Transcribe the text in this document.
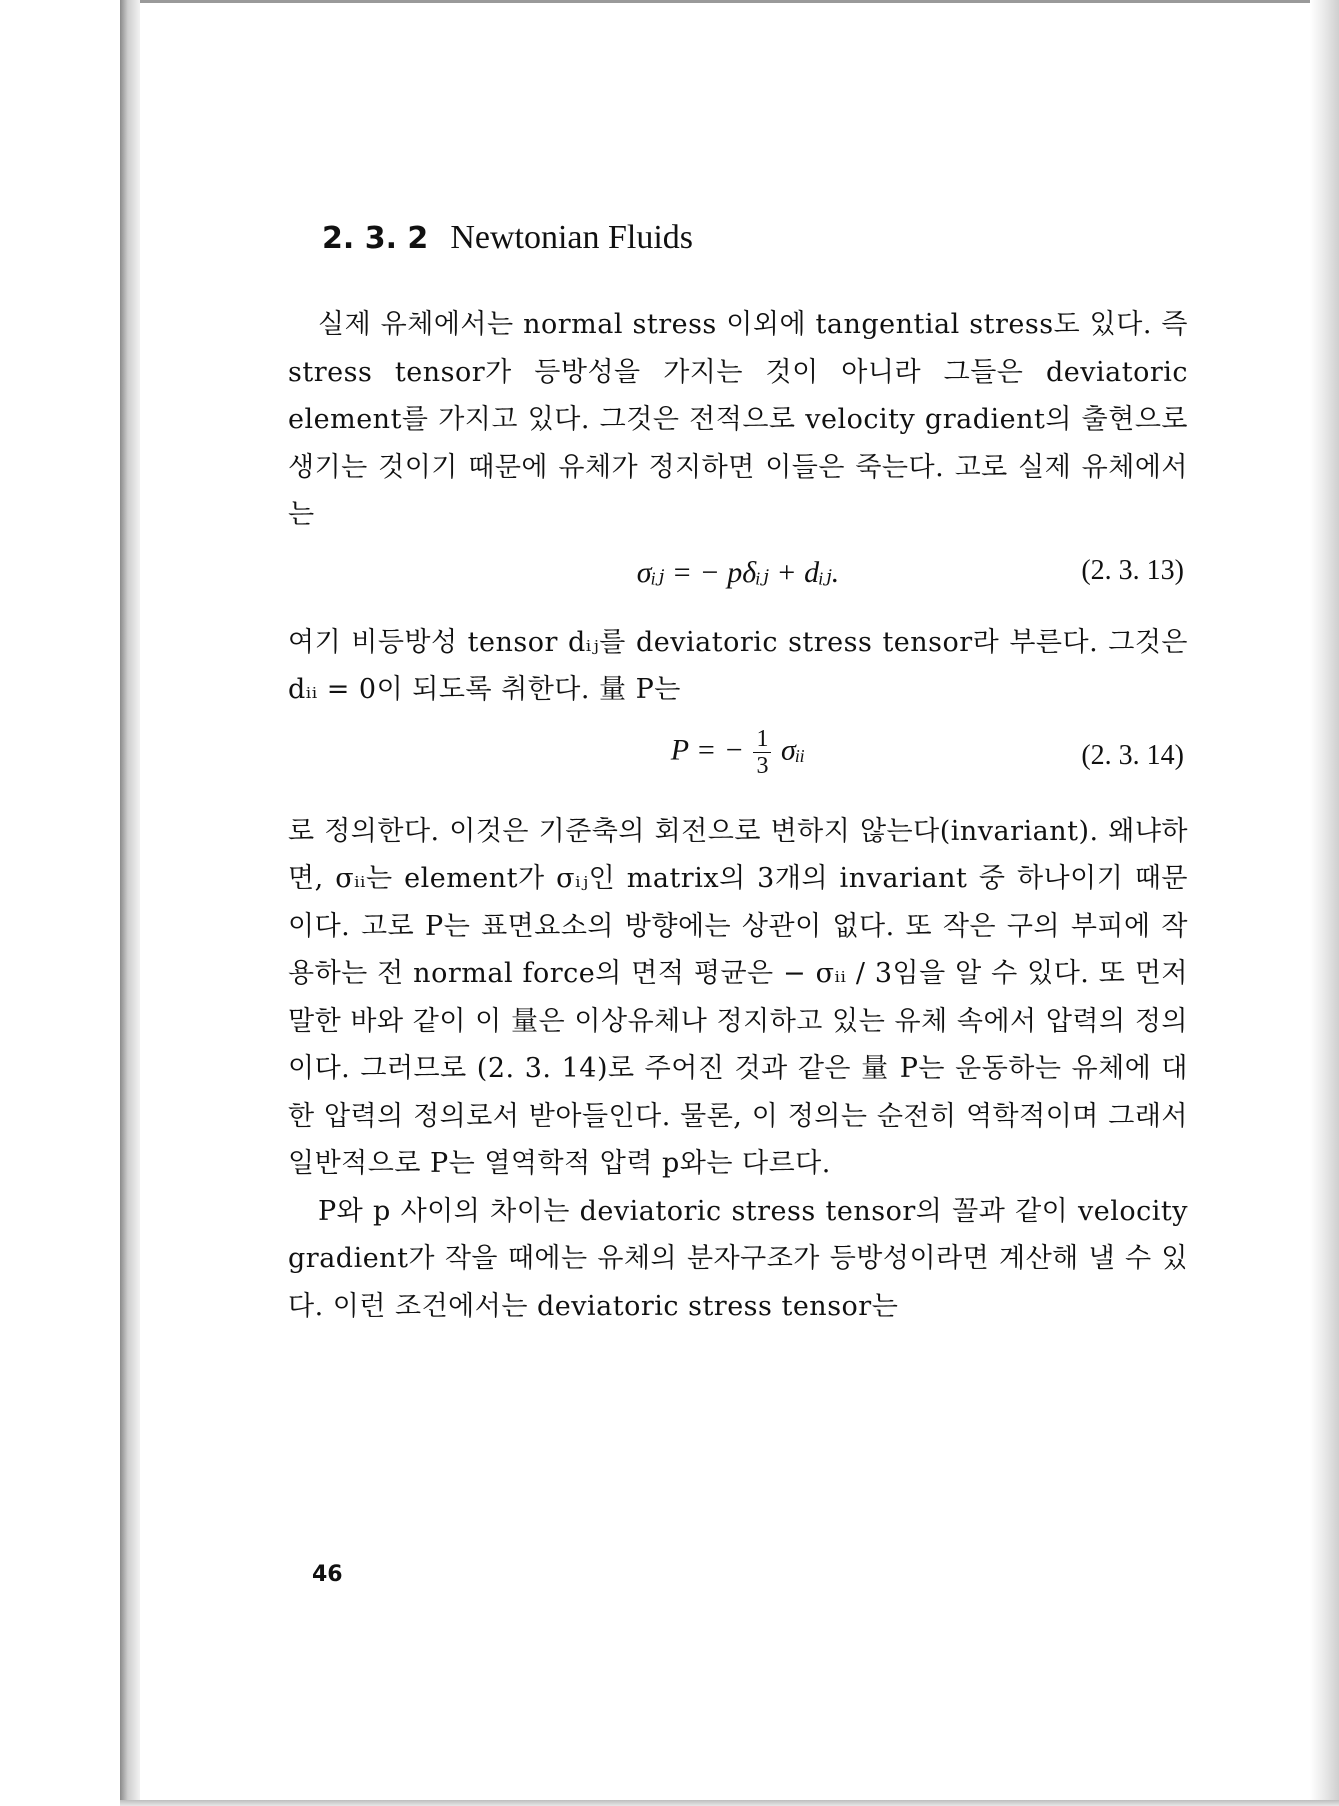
2. 3. 2 Newtonian Fluids

실제 유체에서는 normal stress 이외에 tangential stress도 있다. 즉 stress tensor가 등방성을 가지는 것이 아니라 그들은 deviatoric element를 가지고 있다. 그것은 전적으로 velocity gradient의 출현으로 생기는 것이기 때문에 유체가 정지하면 이들은 죽는다. 고로 실제 유체에서는

σᵢⱼ = − pδᵢⱼ + dᵢⱼ.	(2. 3. 13)

여기 비등방성 tensor dᵢⱼ를 deviatoric stress tensor라 부른다. 그것은 dᵢᵢ = 0이 되도록 취한다. 量 P는

P = − $\frac{1}{3}$ σᵢᵢ	(2. 3. 14)

로 정의한다. 이것은 기준축의 회전으로 변하지 않는다(invariant). 왜냐하면, σᵢᵢ는 element가 σᵢⱼ인 matrix의 3개의 invariant 중 하나이기 때문이다. 고로 P는 표면요소의 방향에는 상관이 없다. 또 작은 구의 부피에 작용하는 전 normal force의 면적 평균은 − σᵢᵢ / 3임을 알 수 있다. 또 먼저 말한 바와 같이 이 量은 이상유체나 정지하고 있는 유체 속에서 압력의 정의이다. 그러므로 (2. 3. 14)로 주어진 것과 같은 量 P는 운동하는 유체에 대한 압력의 정의로서 받아들인다. 물론, 이 정의는 순전히 역학적이며 그래서 일반적으로 P는 열역학적 압력 p와는 다르다.

P와 p 사이의 차이는 deviatoric stress tensor의 꼴과 같이 velocity gradient가 작을 때에는 유체의 분자구조가 등방성이라면 계산해 낼 수 있다. 이런 조건에서는 deviatoric stress tensor는

46
